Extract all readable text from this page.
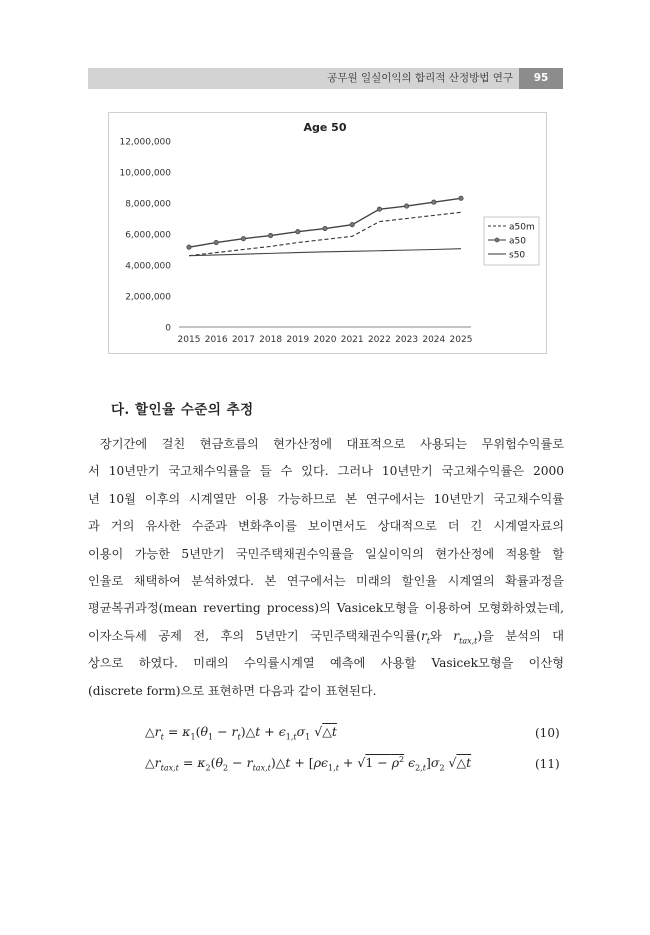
공무원 일실이익의 합리적 산정방법 연구	95
Age 50
0
2,000,000
4,000,000
6,000,000
8,000,000
10,000,000
12,000,000
2015 2016 2017 2018 2019 2020 2021 2022 2023 2024 2025
a50m
a50
s50
다. 할인율 수준의 추정
장기간에 걸친 현금흐름의 현가산정에 대표적으로 사용되는 무위험수익률로
서 10년만기 국고채수익률을 들 수 있다. 그러나 10년만기 국고채수익률은 2000
년 10월 이후의 시계열만 이용 가능하므로 본 연구에서는 10년만기 국고채수익률
과 거의 유사한 수준과 변화추이를 보이면서도 상대적으로 더 긴 시계열자료의
이용이 가능한 5년만기 국민주택채권수익률을 일실이익의 현가산정에 적용할 할
인율로 채택하여 분석하였다. 본 연구에서는 미래의 할인율 시계열의 확률과정을
평균복귀과정(mean reverting process)의 Vasicek모형을 이용하여 모형화하였는데,
이자소득세 공제 전, 후의 5년만기 국민주택채권수익률($r_t$와 $r_{tax,t}$)을 분석의 대
상으로 하였다. 미래의 수익률시계열 예측에 사용할 Vasicek모형을 이산형
(discrete form)으로 표현하면 다음과 같이 표현된다.
$\triangle r_t = \kappa_1(\theta_1$ − $r_t)\triangle t + \epsilon_{1,t}\sigma_1$ √△t	(10)
$\triangle r_{tax,t} = \kappa_2(\theta_2$ − $r_{tax,t})\triangle t + [\rho\epsilon_{1,t} + √1 - \rho^2$ $\epsilon_{2,t}]\sigma_2$ √△t	(11)
